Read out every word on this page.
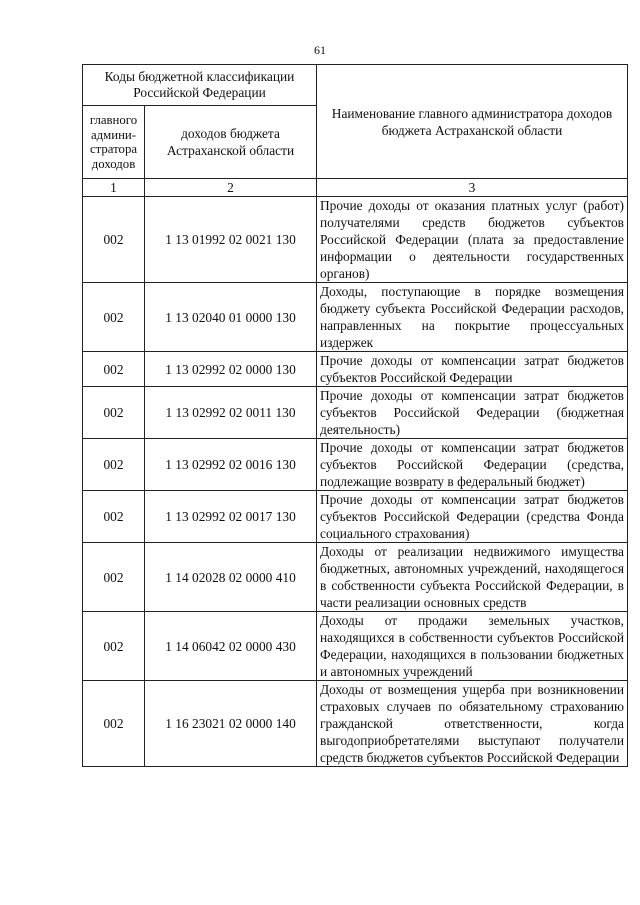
61
Коды бюджетной классификации Российской Федерации		Наименование главного администратора доходов бюджета Астраханской области
главного админи-стратора доходов	доходов бюджета Астраханской области	
1	2	3
002	1 13 01992 02 0021 130	Прочие доходы от оказания платных услуг (работ) получателями средств бюджетов субъектов Российской Федерации (плата за предоставление информации о деятельности государственных органов)
002	1 13 02040 01 0000 130	Доходы, поступающие в порядке возмещения бюджету субъекта Российской Федерации расходов, направленных на покрытие процессуальных издержек
002	1 13 02992 02 0000 130	Прочие доходы от компенсации затрат бюджетов субъектов Российской Федерации
002	1 13 02992 02 0011 130	Прочие доходы от компенсации затрат бюджетов субъектов Российской Федерации (бюджетная деятельность)
002	1 13 02992 02 0016 130	Прочие доходы от компенсации затрат бюджетов субъектов Российской Федерации (средства, подлежащие возврату в федеральный бюджет)
002	1 13 02992 02 0017 130	Прочие доходы от компенсации затрат бюджетов субъектов Российской Федерации (средства Фонда социального страхования)
002	1 14 02028 02 0000 410	Доходы от реализации недвижимого имущества бюджетных, автономных учреждений, находящегося в собственности субъекта Российской Федерации, в части реализации основных средств
002	1 14 06042 02 0000 430	Доходы от продажи земельных участков, находящихся в собственности субъектов Российской Федерации, находящихся в пользовании бюджетных и автономных учреждений
002	1 16 23021 02 0000 140	Доходы от возмещения ущерба при возникновении страховых случаев по обязательному страхованию гражданской ответственности, когда выгодоприобретателями выступают получатели средств бюджетов субъектов Российской Федерации
